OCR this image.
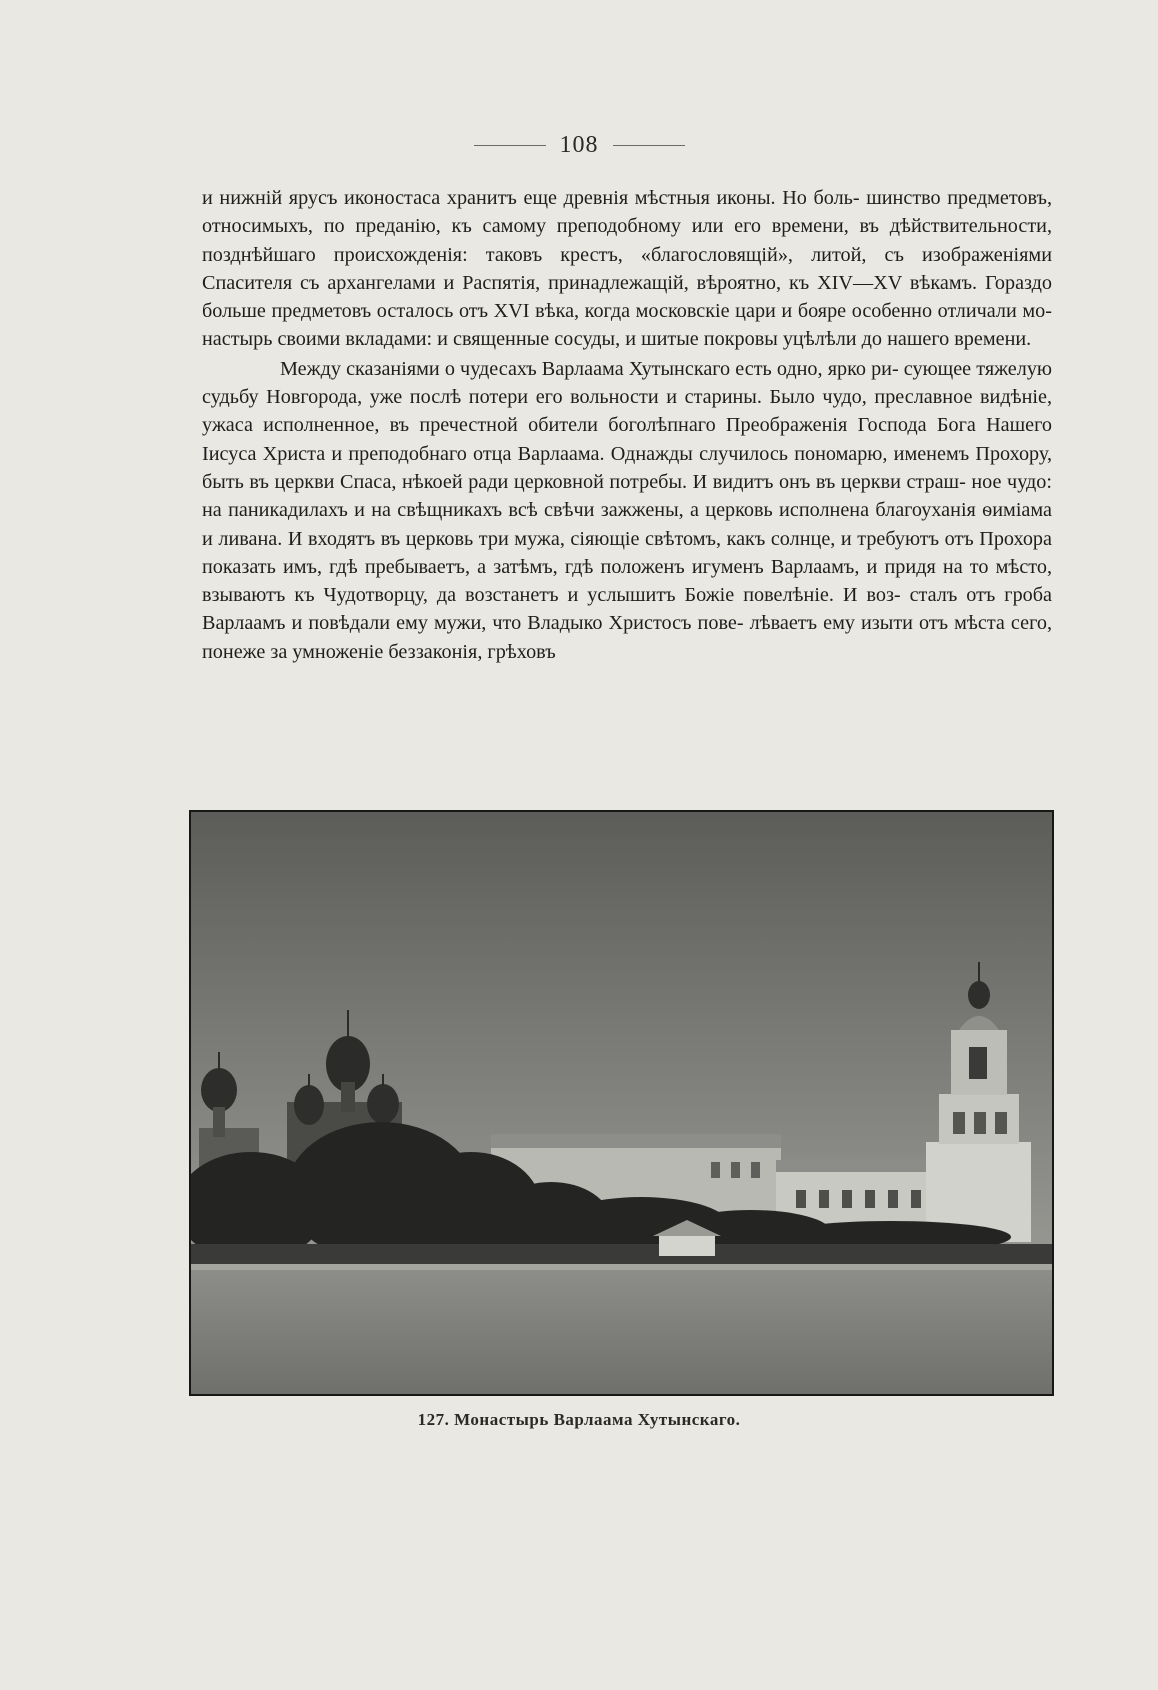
108

и нижній ярусъ иконостаса хранитъ еще древнія мѣстныя иконы. Но боль- шинство предметовъ, относимыхъ, по преданію, къ самому преподобному или его времени, въ дѣйствительности, позднѣйшаго происхожденія: таковъ крестъ, «благословящій», литой, съ изображеніями Спасителя съ архангелами и Распятія, принадлежащій, вѣроятно, къ XIV—XV вѣкамъ. Гораздо больше предметовъ осталось отъ XVI вѣка, когда московскіе цари и бояре особенно отличали мо- настырь своими вкладами: и священные сосуды, и шитые покровы уцѣлѣли до нашего времени.

Между сказаніями о чудесахъ Варлаама Хутынскаго есть одно, ярко ри- сующее тяжелую судьбу Новгорода, уже послѣ потери его вольности и старины. Было чудо, преславное видѣніе, ужаса исполненное, въ пречестной обители боголѣпнаго Преображенія Господа Бога Нашего Іисуса Христа и преподобнаго отца Варлаама. Однажды случилось пономарю, именемъ Прохору, быть въ церкви Спаса, нѣкоей ради церковной потребы. И видитъ онъ въ церкви страш- ное чудо: на паникадилахъ и на свѣщникахъ всѣ свѣчи зажжены, а церковь исполнена благоуханія ѳиміама и ливана. И входятъ въ церковь три мужа, сіяющіе свѣтомъ, какъ солнце, и требуютъ отъ Прохора показать имъ, гдѣ пребываетъ, а затѣмъ, гдѣ положенъ игуменъ Варлаамъ, и придя на то мѣсто, взываютъ къ Чудотворцу, да возстанетъ и услышитъ Божіе повелѣніе. И воз- сталъ отъ гроба Варлаамъ и повѣдали ему мужи, что Владыко Христосъ пове- лѣваетъ ему изыти отъ мѣста сего, понеже за умноженіе беззаконія, грѣховъ

127. Монастырь Варлаама Хутынскаго.
